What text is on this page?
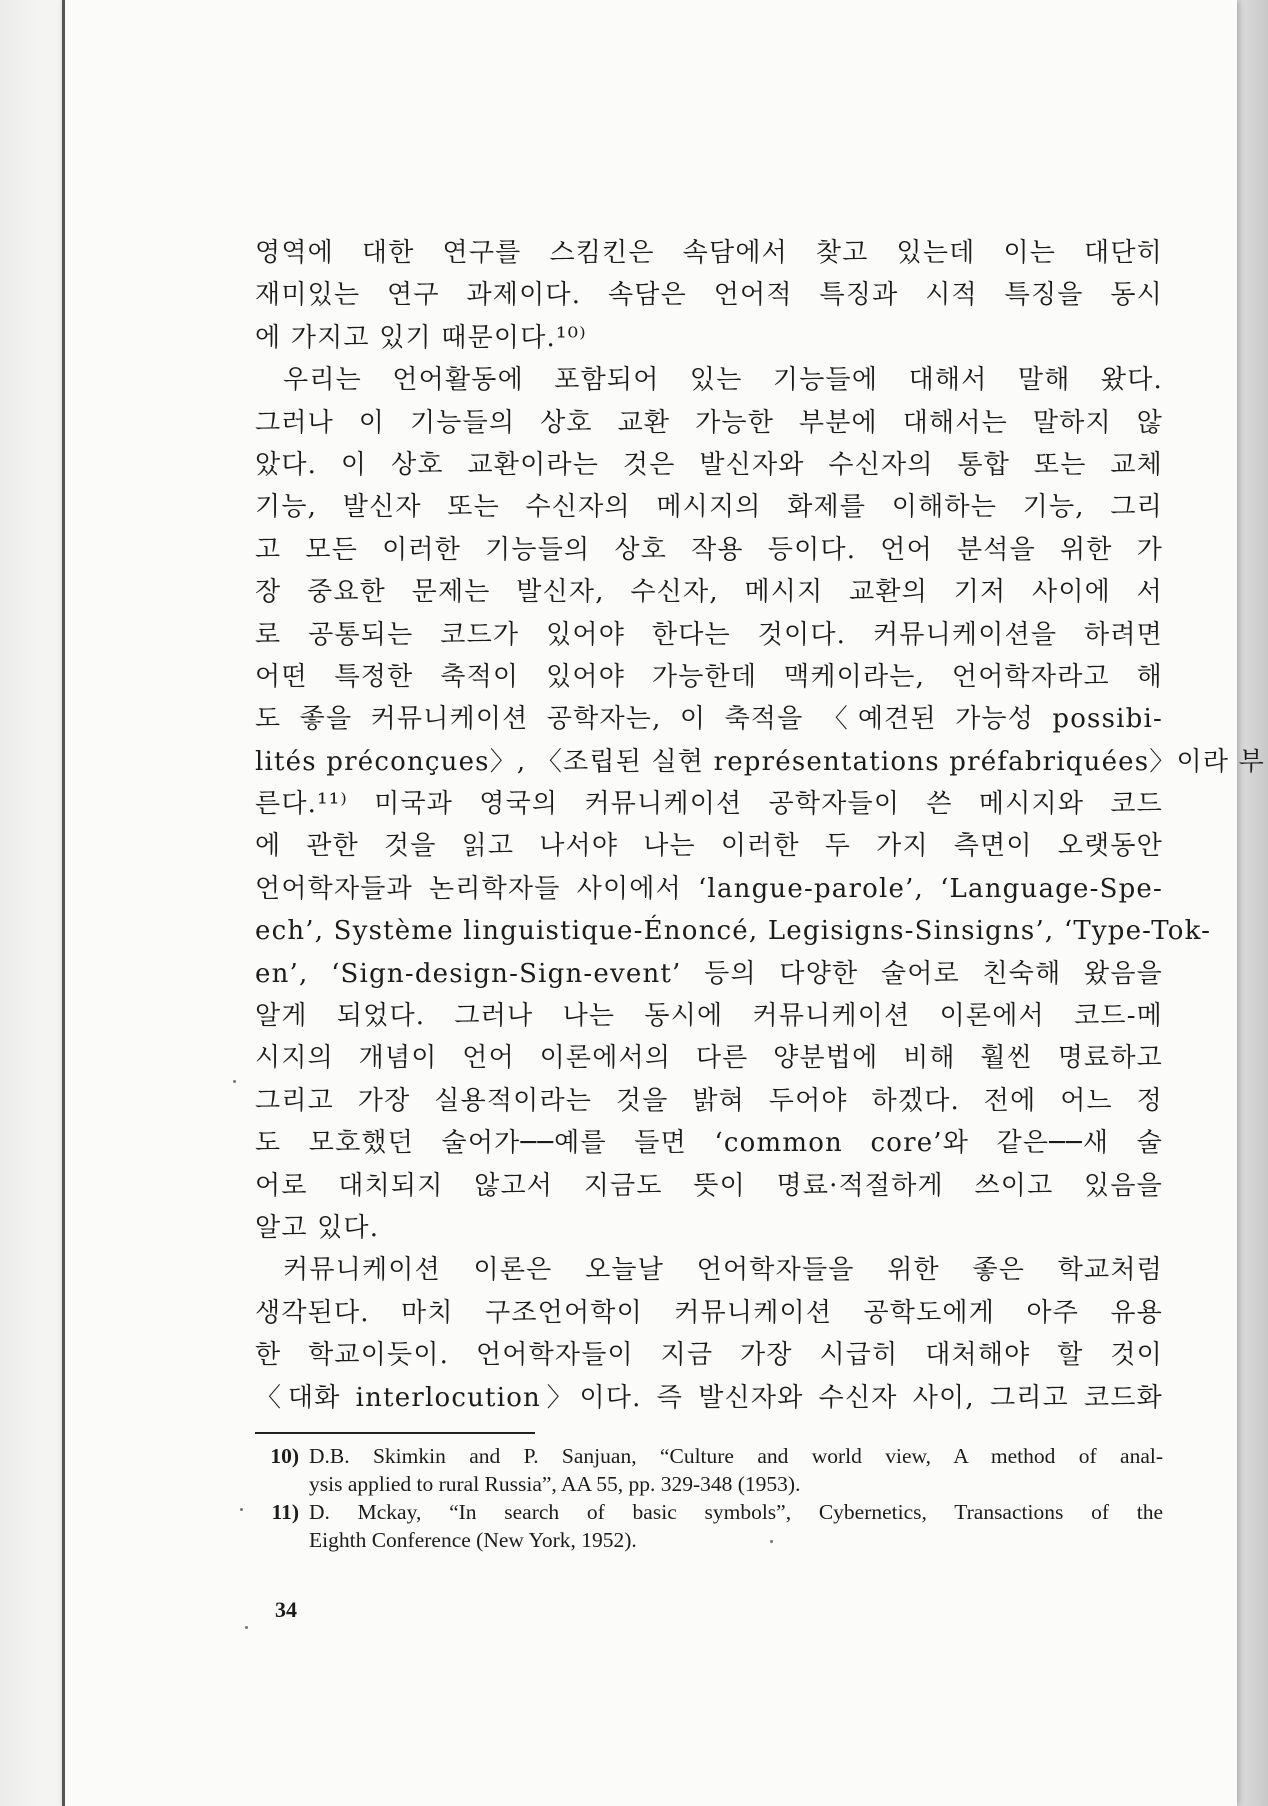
영역에 대한 연구를 스킴킨은 속담에서 찾고 있는데 이는 대단히
재미있는 연구 과제이다. 속담은 언어적 특징과 시적 특징을 동시
에 가지고 있기 때문이다.¹⁰⁾
우리는 언어활동에 포함되어 있는 기능들에 대해서 말해 왔다.
그러나 이 기능들의 상호 교환 가능한 부분에 대해서는 말하지 않
았다. 이 상호 교환이라는 것은 발신자와 수신자의 통합 또는 교체
기능, 발신자 또는 수신자의 메시지의 화제를 이해하는 기능, 그리
고 모든 이러한 기능들의 상호 작용 등이다. 언어 분석을 위한 가
장 중요한 문제는 발신자, 수신자, 메시지 교환의 기저 사이에 서
로 공통되는 코드가 있어야 한다는 것이다. 커뮤니케이션을 하려면
어떤 특정한 축적이 있어야 가능한데 맥케이라는, 언어학자라고 해
도 좋을 커뮤니케이션 공학자는, 이 축적을 〈예견된 가능성 possibi-
lités préconçues〉, 〈조립된 실현 représentations préfabriquées〉이라 부
른다.¹¹⁾ 미국과 영국의 커뮤니케이션 공학자들이 쓴 메시지와 코드
에 관한 것을 읽고 나서야 나는 이러한 두 가지 측면이 오랫동안
언어학자들과 논리학자들 사이에서 ‘langue-parole’, ‘Language-Spe-
ech’, Système linguistique-Énoncé, Legisigns-Sinsigns’, ‘Type-Tok-
en’, ‘Sign-design-Sign-event’ 등의 다양한 술어로 친숙해 왔음을
알게 되었다. 그러나 나는 동시에 커뮤니케이션 이론에서 코드-메
시지의 개념이 언어 이론에서의 다른 양분법에 비해 훨씬 명료하고
그리고 가장 실용적이라는 것을 밝혀 두어야 하겠다. 전에 어느 정
도 모호했던 술어가──예를 들면 ‘common core’와 같은──새 술
어로 대치되지 않고서 지금도 뜻이 명료·적절하게 쓰이고 있음을
알고 있다.
커뮤니케이션 이론은 오늘날 언어학자들을 위한 좋은 학교처럼
생각된다. 마치 구조언어학이 커뮤니케이션 공학도에게 아주 유용
한 학교이듯이. 언어학자들이 지금 가장 시급히 대처해야 할 것이
〈대화 interlocution〉이다. 즉 발신자와 수신자 사이, 그리고 코드화
10) D.B. Skimkin and P. Sanjuan, “Culture and world view, A method of anal-
ysis applied to rural Russia”, AA 55, pp. 329-348 (1953).
11) D. Mckay, “In search of basic symbols”, Cybernetics, Transactions of the
Eighth Conference (New York, 1952).
34
